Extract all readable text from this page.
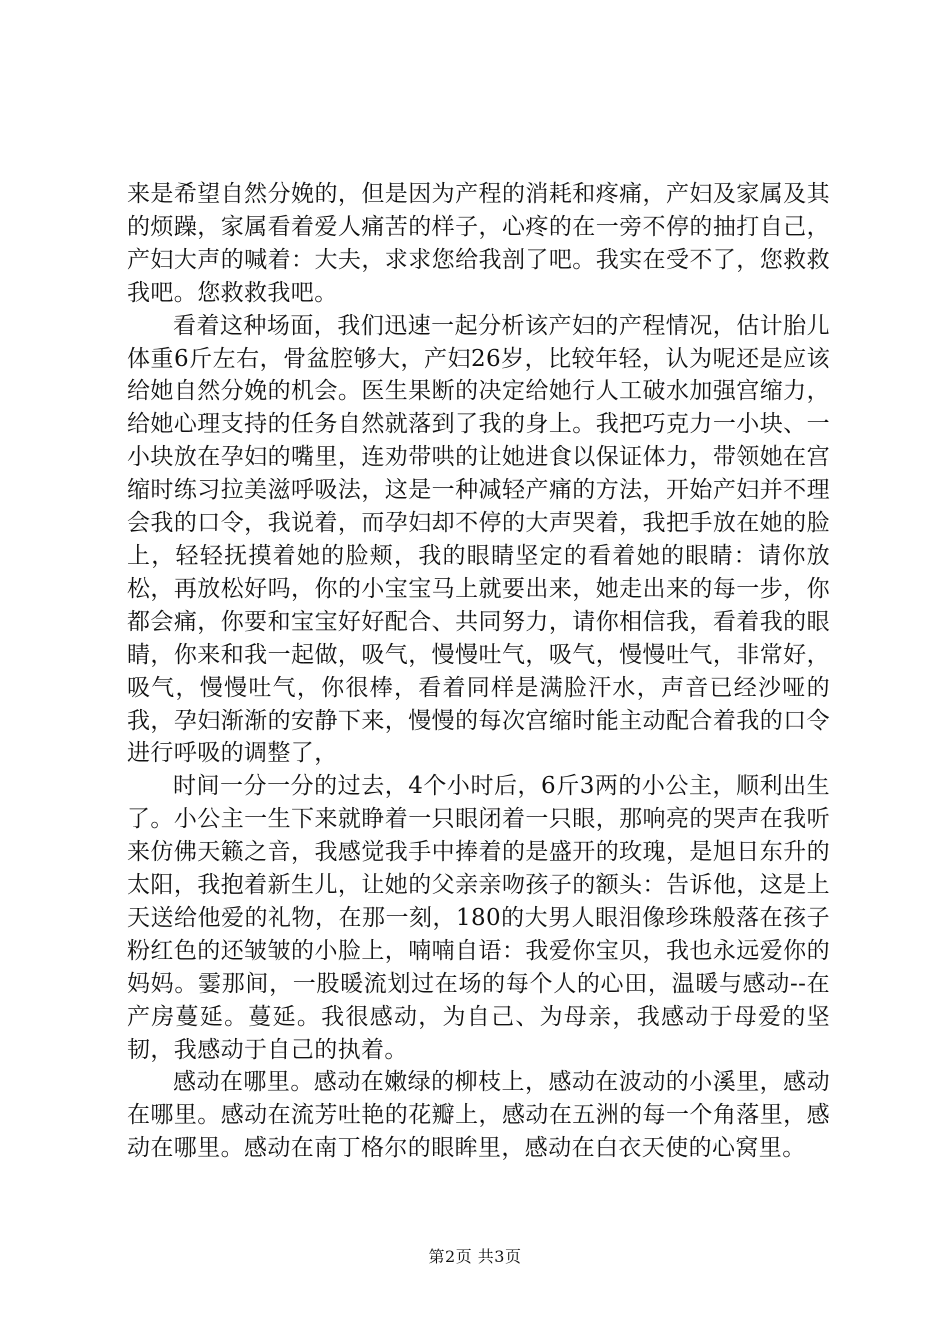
来是希望自然分娩的，但是因为产程的消耗和疼痛，产妇及家属及其的烦躁，家属看着爱人痛苦的样子，心疼的在一旁不停的抽打自己，产妇大声的喊着：大夫，求求您给我剖了吧。我实在受不了，您救救我吧。您救救我吧。

看着这种场面，我们迅速一起分析该产妇的产程情况，估计胎儿体重6斤左右，骨盆腔够大，产妇26岁，比较年轻，认为呢还是应该给她自然分娩的机会。医生果断的决定给她行人工破水加强宫缩力，给她心理支持的任务自然就落到了我的身上。我把巧克力一小块、一小块放在孕妇的嘴里，连劝带哄的让她进食以保证体力，带领她在宫缩时练习拉美滋呼吸法，这是一种减轻产痛的方法，开始产妇并不理会我的口令，我说着，而孕妇却不停的大声哭着，我把手放在她的脸上，轻轻抚摸着她的脸颊，我的眼睛坚定的看着她的眼睛：请你放松，再放松好吗，你的小宝宝马上就要出来，她走出来的每一步，你都会痛，你要和宝宝好好配合、共同努力，请你相信我，看着我的眼睛，你来和我一起做，吸气，慢慢吐气，吸气，慢慢吐气，非常好，吸气，慢慢吐气，你很棒，看着同样是满脸汗水，声音已经沙哑的我，孕妇渐渐的安静下来，慢慢的每次宫缩时能主动配合着我的口令进行呼吸的调整了，

时间一分一分的过去，4个小时后，6斤3两的小公主，顺利出生了。小公主一生下来就睁着一只眼闭着一只眼，那响亮的哭声在我听来仿佛天籁之音，我感觉我手中捧着的是盛开的玫瑰，是旭日东升的太阳，我抱着新生儿，让她的父亲亲吻孩子的额头：告诉他，这是上天送给他爱的礼物，在那一刻，180的大男人眼泪像珍珠般落在孩子粉红色的还皱皱的小脸上，喃喃自语：我爱你宝贝，我也永远爱你的妈妈。霎那间，一股暖流划过在场的每个人的心田，温暖与感动--在产房蔓延。蔓延。我很感动，为自己、为母亲，我感动于母爱的坚韧，我感动于自己的执着。

感动在哪里。感动在嫩绿的柳枝上，感动在波动的小溪里，感动在哪里。感动在流芳吐艳的花瓣上，感动在五洲的每一个角落里，感动在哪里。感动在南丁格尔的眼眸里，感动在白衣天使的心窝里。

第2页 共3页
